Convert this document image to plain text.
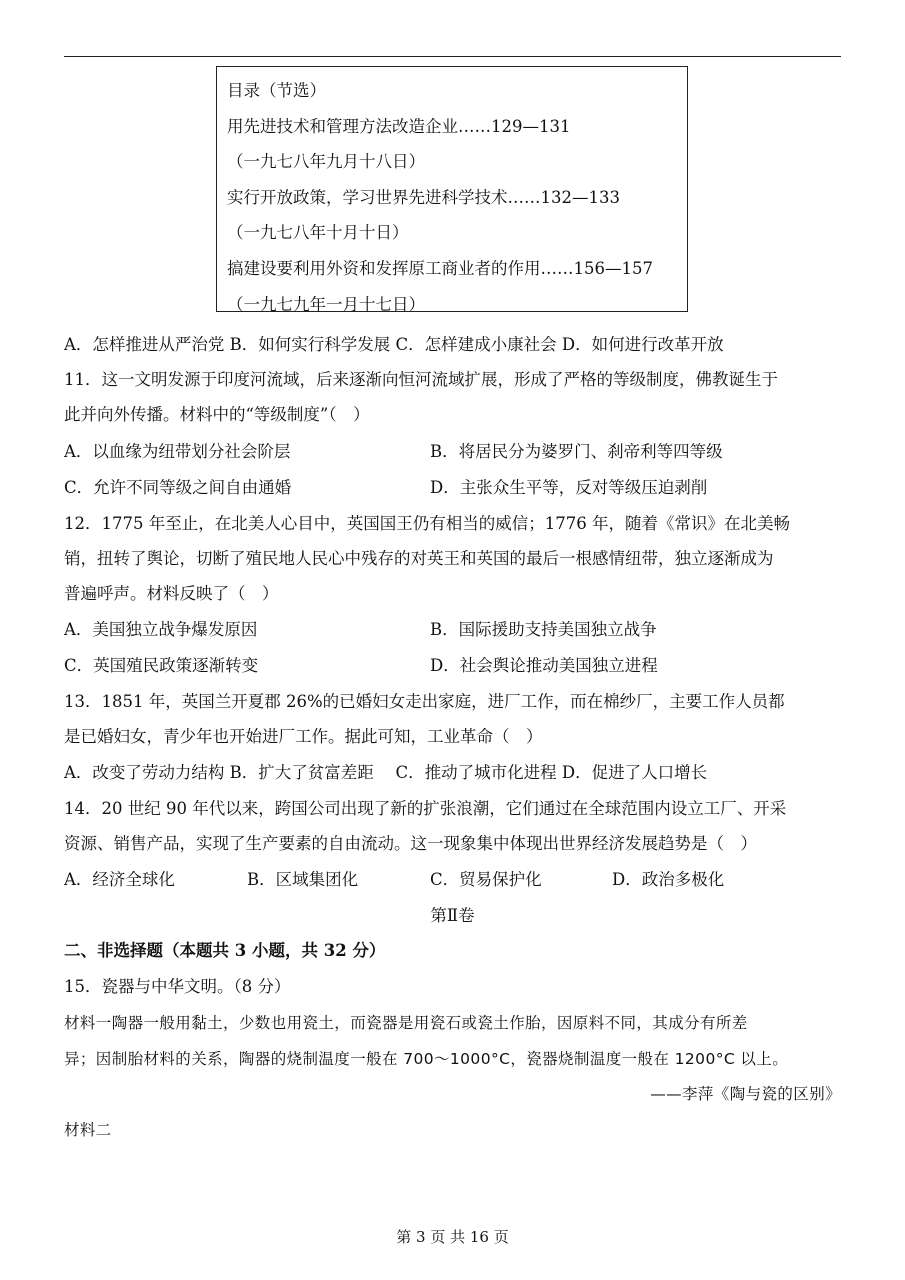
目录（节选）
用先进技术和管理方法改造企业……129—131
（一九七八年九月十八日）
实行开放政策，学习世界先进科学技术……132—133
（一九七八年十月十日）
搞建设要利用外资和发挥原工商业者的作用……156—157
（一九七九年一月十七日）
A．怎样推进从严治党 B．如何实行科学发展 C．怎样建成小康社会 D．如何进行改革开放
11．这一文明发源于印度河流域，后来逐渐向恒河流域扩展，形成了严格的等级制度，佛教诞生于
此并向外传播。材料中的“等级制度”（　）
A．以血缘为纽带划分社会阶层	B．将居民分为婆罗门、刹帝利等四等级
C．允许不同等级之间自由通婚	D．主张众生平等，反对等级压迫剥削
12．1775 年至止，在北美人心目中，英国国王仍有相当的威信；1776 年，随着《常识》在北美畅
销，扭转了舆论，切断了殖民地人民心中残存的对英王和英国的最后一根感情纽带，独立逐渐成为
普遍呼声。材料反映了（　）
A．美国独立战争爆发原因	B．国际援助支持美国独立战争
C．英国殖民政策逐渐转变	D．社会舆论推动美国独立进程
13．1851 年，英国兰开夏郡 26%的已婚妇女走出家庭，进厂工作，而在棉纱厂，主要工作人员都
是已婚妇女，青少年也开始进厂工作。据此可知，工业革命（　）
A．改变了劳动力结构 B．扩大了贫富差距　 C．推动了城市化进程 D．促进了人口增长
14．20 世纪 90 年代以来，跨国公司出现了新的扩张浪潮，它们通过在全球范围内设立工厂、开采
资源、销售产品，实现了生产要素的自由流动。这一现象集中体现出世界经济发展趋势是（　）
A．经济全球化	B．区域集团化	C．贸易保护化	D．政治多极化
第Ⅱ卷
二、非选择题（本题共 3 小题，共 32 分）
15．瓷器与中华文明。（8 分）
材料一陶器一般用黏土，少数也用瓷土，而瓷器是用瓷石或瓷土作胎，因原料不同，其成分有所差
异；因制胎材料的关系，陶器的烧制温度一般在 700～1000°C，瓷器烧制温度一般在 1200°C 以上。
——李萍《陶与瓷的区别》
材料二
第 3 页 共 16 页
